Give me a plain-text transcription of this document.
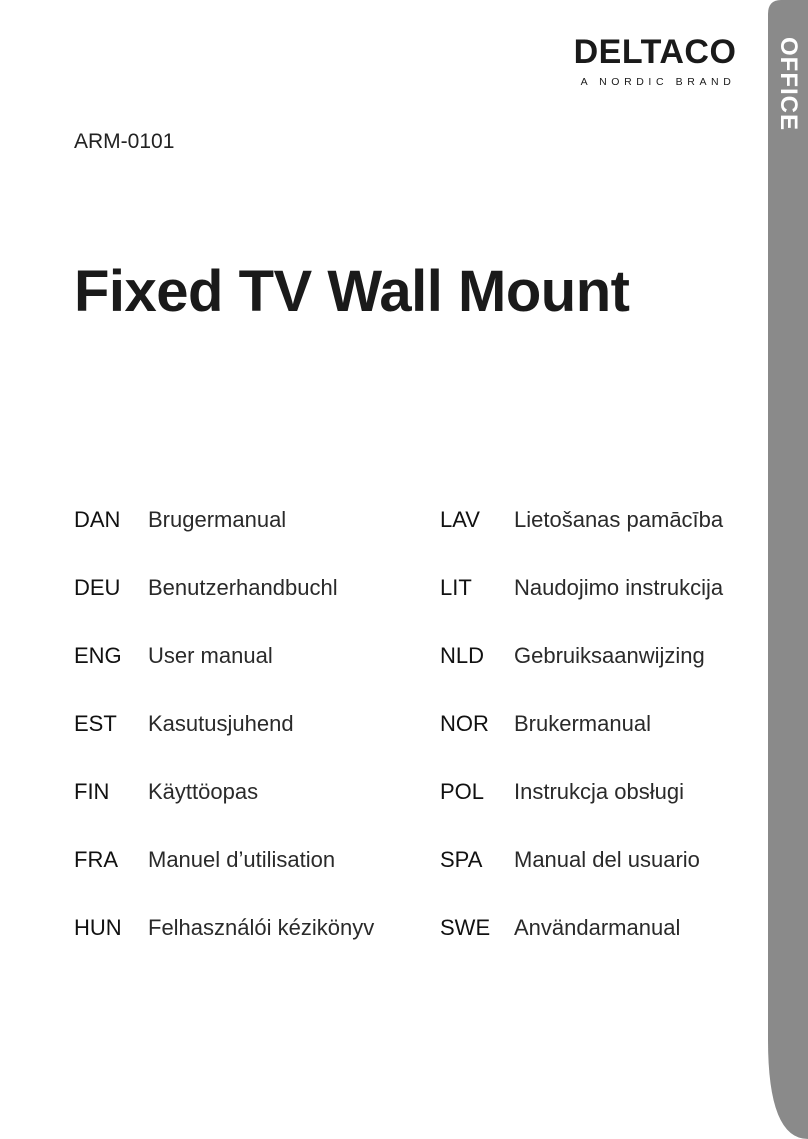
OFFICE
DELTACO
A NORDIC BRAND
ARM-0101
Fixed TV Wall Mount
DAN	Brugermanual
DEU	Benutzerhandbuchl
ENG	User manual
EST	Kasutusjuhend
FIN	Käyttöopas
FRA	Manuel d’utilisation
HUN	Felhasználói kézikönyv
LAV	Lietošanas pamācība
LIT	Naudojimo instrukcija
NLD	Gebruiksaanwijzing
NOR	Brukermanual
POL	Instrukcja obsługi
SPA	Manual del usuario
SWE	Användarmanual
